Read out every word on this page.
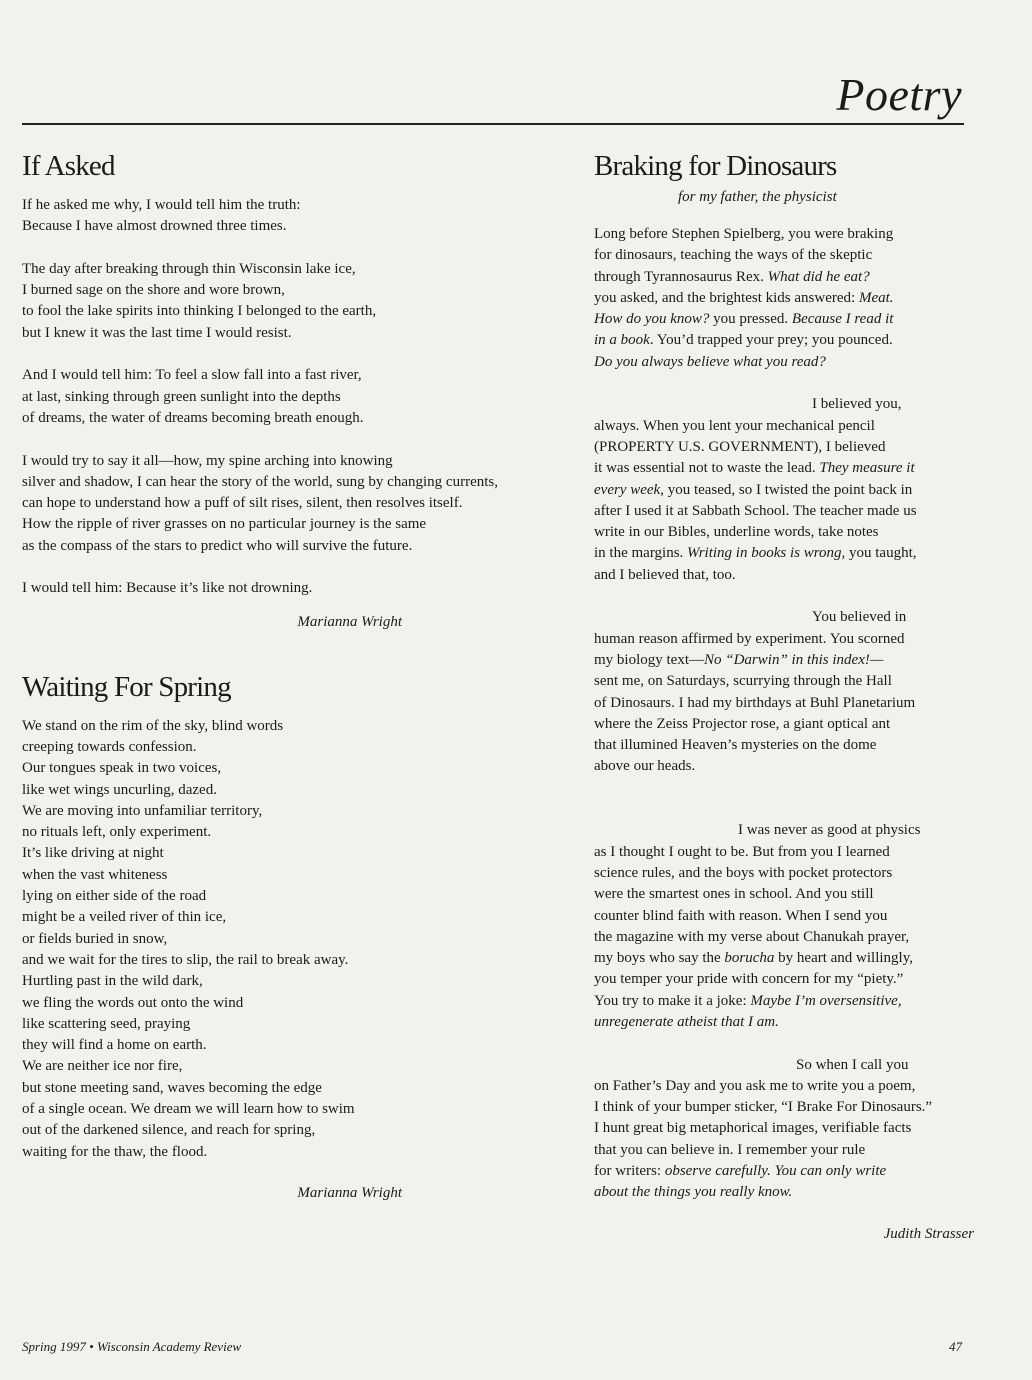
Poetry
If Asked
If he asked me why, I would tell him the truth:
Because I have almost drowned three times.
The day after breaking through thin Wisconsin lake ice,
I burned sage on the shore and wore brown,
to fool the lake spirits into thinking I belonged to the earth,
but I knew it was the last time I would resist.
And I would tell him: To feel a slow fall into a fast river,
at last, sinking through green sunlight into the depths
of dreams, the water of dreams becoming breath enough.
I would try to say it all—how, my spine arching into knowing
silver and shadow, I can hear the story of the world, sung by changing currents,
can hope to understand how a puff of silt rises, silent, then resolves itself.
How the ripple of river grasses on no particular journey is the same
as the compass of the stars to predict who will survive the future.
I would tell him: Because it’s like not drowning.
Marianna Wright
Waiting For Spring
We stand on the rim of the sky, blind words
creeping towards confession.
Our tongues speak in two voices,
like wet wings uncurling, dazed.
We are moving into unfamiliar territory,
no rituals left, only experiment.
It’s like driving at night
when the vast whiteness
lying on either side of the road
might be a veiled river of thin ice,
or fields buried in snow,
and we wait for the tires to slip, the rail to break away.
Hurtling past in the wild dark,
we fling the words out onto the wind
like scattering seed, praying
they will find a home on earth.
We are neither ice nor fire,
but stone meeting sand, waves becoming the edge
of a single ocean. We dream we will learn how to swim
out of the darkened silence, and reach for spring,
waiting for the thaw, the flood.
Marianna Wright
Braking for Dinosaurs
for my father, the physicist
Long before Stephen Spielberg, you were braking
for dinosaurs, teaching the ways of the skeptic
through Tyrannosaurus Rex. What did he eat?
you asked, and the brightest kids answered: Meat.
How do you know? you pressed. Because I read it
in a book. You’d trapped your prey; you pounced.
Do you always believe what you read?
I believed you,
always. When you lent your mechanical pencil
(PROPERTY U.S. GOVERNMENT), I believed
it was essential not to waste the lead. They measure it
every week, you teased, so I twisted the point back in
after I used it at Sabbath School. The teacher made us
write in our Bibles, underline words, take notes
in the margins. Writing in books is wrong, you taught,
and I believed that, too.
You believed in
human reason affirmed by experiment. You scorned
my biology text—No “Darwin” in this index!—
sent me, on Saturdays, scurrying through the Hall
of Dinosaurs. I had my birthdays at Buhl Planetarium
where the Zeiss Projector rose, a giant optical ant
that illumined Heaven’s mysteries on the dome
above our heads.
I was never as good at physics
as I thought I ought to be. But from you I learned
science rules, and the boys with pocket protectors
were the smartest ones in school. And you still
counter blind faith with reason. When I send you
the magazine with my verse about Chanukah prayer,
my boys who say the borucha by heart and willingly,
you temper your pride with concern for my “piety.”
You try to make it a joke: Maybe I’m oversensitive,
unregenerate atheist that I am.
So when I call you
on Father’s Day and you ask me to write you a poem,
I think of your bumper sticker, “I Brake For Dinosaurs.”
I hunt great big metaphorical images, verifiable facts
that you can believe in. I remember your rule
for writers: observe carefully. You can only write
about the things you really know.
Judith Strasser
Spring 1997 • Wisconsin Academy Review	47
